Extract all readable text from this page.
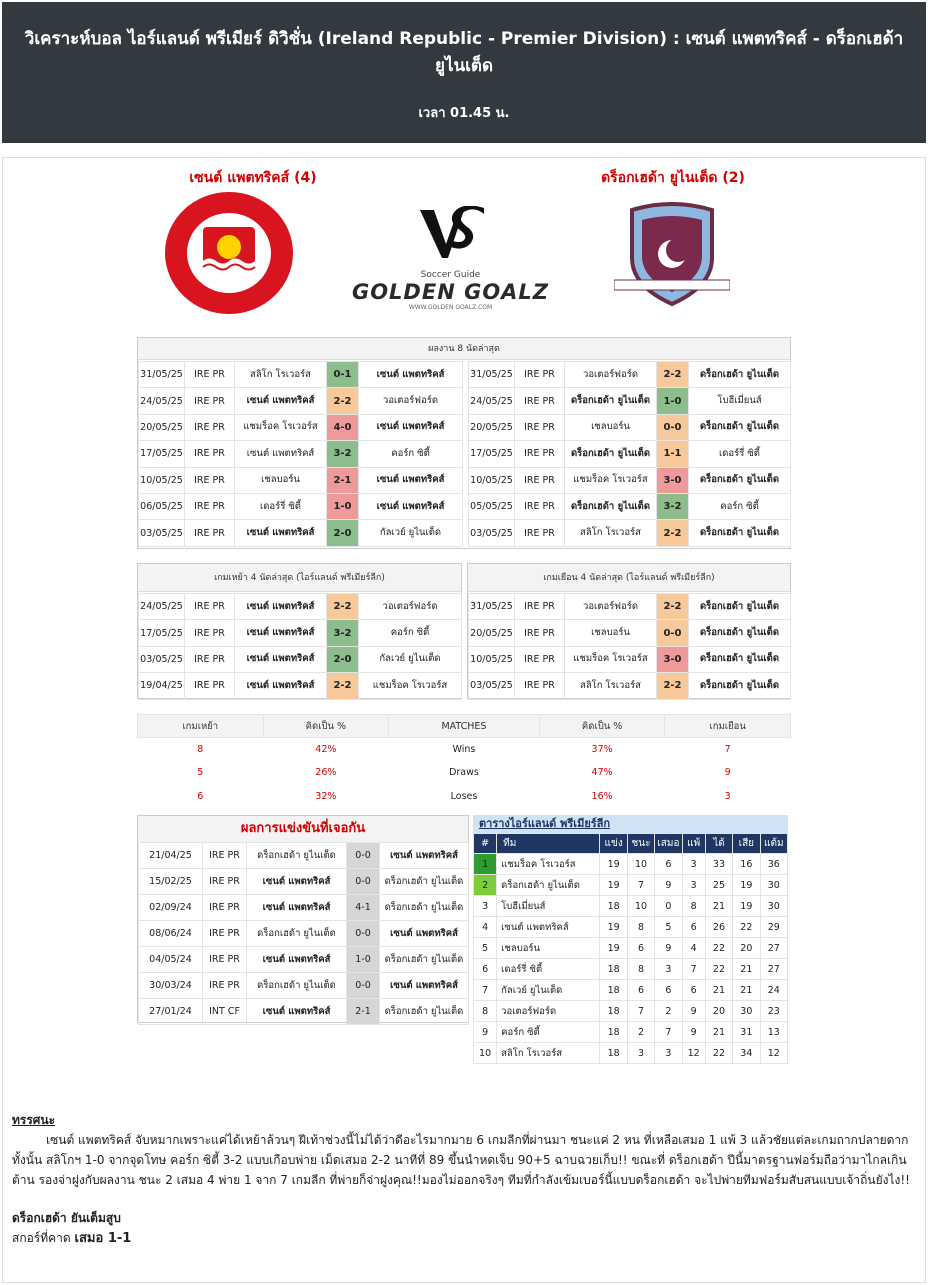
วิเคราะห์บอล ไอร์แลนด์ พรีเมียร์ ดิวิชั่น (Ireland Republic - Premier Division) : เซนต์ แพตทริคส์ - ดร็อกเฮด้า ยูไนเต็ด
เวลา 01.45 น.
เซนต์ แพตทริคส์ (4)	ดร็อกเฮด้า ยูไนเต็ด (2)
Soccer Guide
GOLDEN GOALZ
WWW.GOLDEN GOALZ.COM
ผลงาน 8 นัดล่าสุด
31/05/25	IRE PR	สลิโก โรเวอร์ส	0-1	เซนต์ แพตทริคส์
24/05/25	IRE PR	เซนต์ แพตทริคส์	2-2	วอเตอร์ฟอร์ด
20/05/25	IRE PR	แชมร็อค โรเวอร์ส	4-0	เซนต์ แพตทริคส์
17/05/25	IRE PR	เซนต์ แพตทริคส์	3-2	คอร์ก ซิตี้
10/05/25	IRE PR	เชลบอร์น	2-1	เซนต์ แพตทริคส์
06/05/25	IRE PR	เดอร์รี่ ซิตี้	1-0	เซนต์ แพตทริคส์
03/05/25	IRE PR	เซนต์ แพตทริคส์	2-0	กัลเวย์ ยูไนเต็ด
31/05/25	IRE PR	วอเตอร์ฟอร์ด	2-2	ดร็อกเฮด้า ยูไนเต็ด
24/05/25	IRE PR	ดร็อกเฮด้า ยูไนเต็ด	1-0	โบฮีเมี่ยนส์
20/05/25	IRE PR	เชลบอร์น	0-0	ดร็อกเฮด้า ยูไนเต็ด
17/05/25	IRE PR	ดร็อกเฮด้า ยูไนเต็ด	1-1	เดอร์รี่ ซิตี้
10/05/25	IRE PR	แชมร็อค โรเวอร์ส	3-0	ดร็อกเฮด้า ยูไนเต็ด
05/05/25	IRE PR	ดร็อกเฮด้า ยูไนเต็ด	3-2	คอร์ก ซิตี้
03/05/25	IRE PR	สลิโก โรเวอร์ส	2-2	ดร็อกเฮด้า ยูไนเต็ด
เกมเหย้า 4 นัดล่าสุด (ไอร์แลนด์ พรีเมียร์ลีก)
24/05/25	IRE PR	เซนต์ แพตทริคส์	2-2	วอเตอร์ฟอร์ด
17/05/25	IRE PR	เซนต์ แพตทริคส์	3-2	คอร์ก ซิตี้
03/05/25	IRE PR	เซนต์ แพตทริคส์	2-0	กัลเวย์ ยูไนเต็ด
19/04/25	IRE PR	เซนต์ แพตทริคส์	2-2	แชมร็อค โรเวอร์ส
เกมเยือน 4 นัดล่าสุด (ไอร์แลนด์ พรีเมียร์ลีก)
31/05/25	IRE PR	วอเตอร์ฟอร์ด	2-2	ดร็อกเฮด้า ยูไนเต็ด
20/05/25	IRE PR	เชลบอร์น	0-0	ดร็อกเฮด้า ยูไนเต็ด
10/05/25	IRE PR	แชมร็อค โรเวอร์ส	3-0	ดร็อกเฮด้า ยูไนเต็ด
03/05/25	IRE PR	สลิโก โรเวอร์ส	2-2	ดร็อกเฮด้า ยูไนเต็ด
เกมเหย้า	คิดเป็น %	MATCHES	คิดเป็น %	เกมเยือน
8	42%	Wins	37%	7
5	26%	Draws	47%	9
6	32%	Loses	16%	3
ผลการแข่งขันที่เจอกัน
21/04/25	IRE PR	ดร็อกเฮด้า ยูไนเต็ด	0-0	เซนต์ แพตทริคส์
15/02/25	IRE PR	เซนต์ แพตทริคส์	0-0	ดร็อกเฮด้า ยูไนเต็ด
02/09/24	IRE PR	เซนต์ แพตทริคส์	4-1	ดร็อกเฮด้า ยูไนเต็ด
08/06/24	IRE PR	ดร็อกเฮด้า ยูไนเต็ด	0-0	เซนต์ แพตทริคส์
04/05/24	IRE PR	เซนต์ แพตทริคส์	1-0	ดร็อกเฮด้า ยูไนเต็ด
30/03/24	IRE PR	ดร็อกเฮด้า ยูไนเต็ด	0-0	เซนต์ แพตทริคส์
27/01/24	INT CF	เซนต์ แพตทริคส์	2-1	ดร็อกเฮด้า ยูไนเต็ด
ตารางไอร์แลนด์ พรีเมียร์ลีก
#	ทีม	แข่ง	ชนะ	เสมอ	แพ้	ได้	เสีย	แต้ม
1	แชมร็อค โรเวอร์ส	19	10	6	3	33	16	36
2	ดร็อกเฮด้า ยูไนเต็ด	19	7	9	3	25	19	30
3	โบฮีเมี่ยนส์	18	10	0	8	21	19	30
4	เซนต์ แพตทริคส์	19	8	5	6	26	22	29
5	เชลบอร์น	19	6	9	4	22	20	27
6	เดอร์รี่ ซิตี้	18	8	3	7	22	21	27
7	กัลเวย์ ยูไนเต็ด	18	6	6	6	21	21	24
8	วอเตอร์ฟอร์ด	18	7	2	9	20	30	23
9	คอร์ก ซิตี้	18	2	7	9	21	31	13
10	สลิโก โรเวอร์ส	18	3	3	12	22	34	12
ทรรศนะ
เซนต์ แพตทริคส์ จับหมากเพราะแค่ได้เหย้าล้วนๆ ฝีเท้าช่วงนี้ไม่ได้ว่าดีอะไรมากมาย 6 เกมลีกที่ผ่านมา ชนะแค่ 2 หน ที่เหลือเสมอ 1 แพ้ 3 แล้วชัยแต่ละเกมถากปลายดากทั้งนั้น สลิโกฯ 1-0 จากจุดโทษ คอร์ก ซิตี้ 3-2 แบบเกือบพ่าย เม็ดเสมอ 2-2 นาทีที่ 89 ขึ้นนำหดเจ็บ 90+5 ฉาบฉวยเก็บ!! ขณะที่ ดร็อกเฮด้า ปีนี้มาตรฐานฟอร์มถือว่ามาไกลเกินต้าน รองจ่าฝูงกับผลงาน ชนะ 2 เสมอ 4 พ่าย 1 จาก 7 เกมลีก ที่พ่ายก็จ่าฝูงคุณ!!มองไม่ออกจริงๆ ทีมที่กำลังเข้มเบอร์นี้แบบดร็อกเฮด้า จะไปพ่ายทีมฟอร์มสับสนแบบเจ้าถิ่นยังไง!!
ดร็อกเฮด้า ยันเต็มสูบ
สกอร์ที่คาด เสมอ 1-1
